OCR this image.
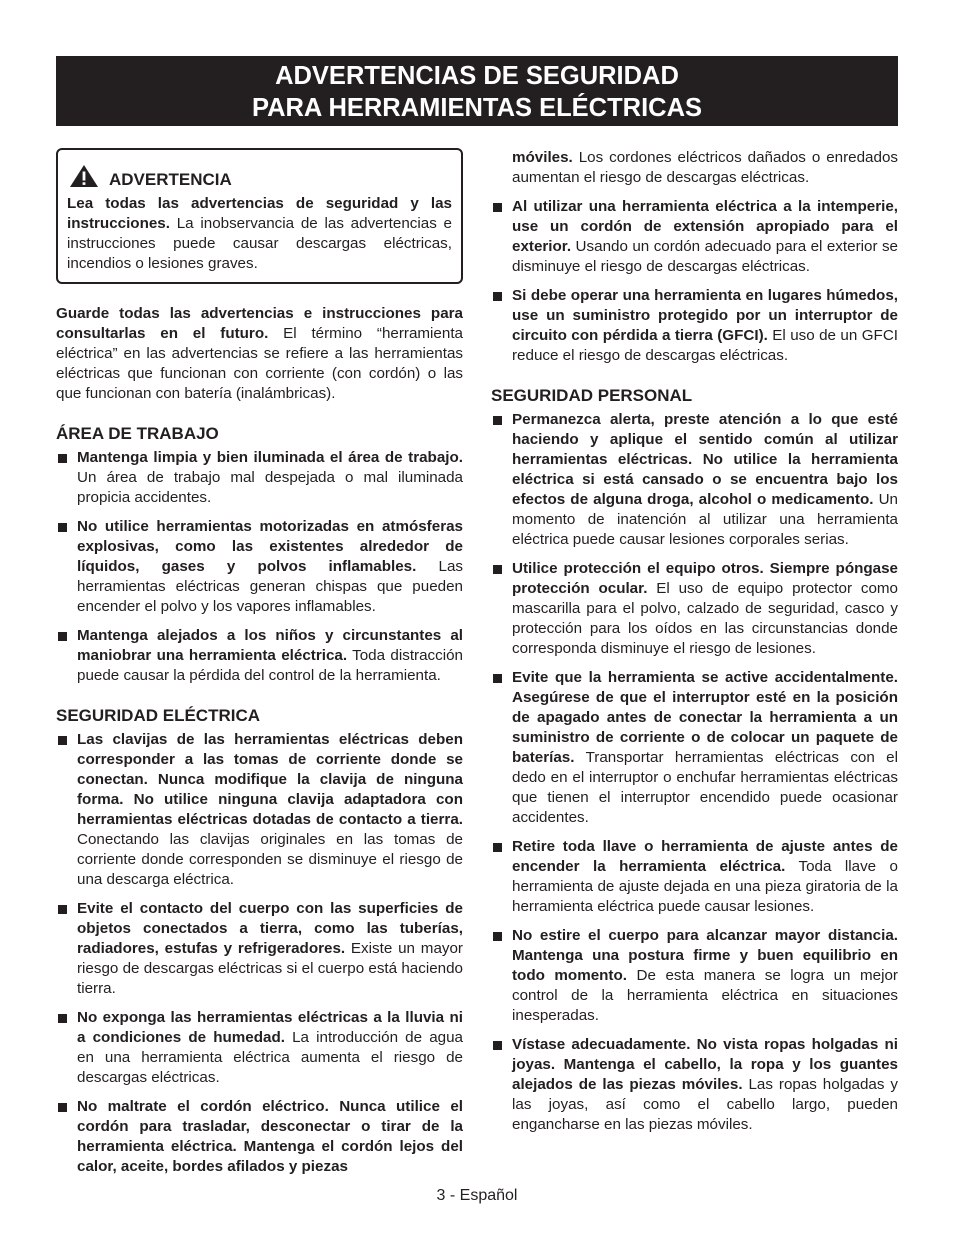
ADVERTENCIAS DE SEGURIDAD
PARA HERRAMIENTAS ELÉCTRICAS
ADVERTENCIA

Lea todas las advertencias de seguridad y las instrucciones. La inobservancia de las advertencias e instrucciones puede causar descargas eléctricas, incendios o lesiones graves.

Guarde todas las advertencias e instrucciones para consultarlas en el futuro. El término “herramienta eléctrica” en las advertencias se refiere a las herramientas eléctricas que funcionan con corriente (con cordón) o las que funcionan con batería (inalámbricas).

ÁREA DE TRABAJO
Mantenga limpia y bien iluminada el área de trabajo. Un área de trabajo mal despejada o mal iluminada propicia accidentes.
No utilice herramientas motorizadas en atmósferas explosivas, como las existentes alrededor de líquidos, gases y polvos inflamables. Las herramientas eléctricas generan chispas que pueden encender el polvo y los vapores inflamables.
Mantenga alejados a los niños y circunstantes al maniobrar una herramienta eléctrica. Toda distracción puede causar la pérdida del control de la herramienta.
SEGURIDAD ELÉCTRICA
Las clavijas de las herramientas eléctricas deben corresponder a las tomas de corriente donde se conectan. Nunca modifique la clavija de ninguna forma. No utilice ninguna clavija adaptadora con herramientas eléctricas dotadas de contacto a tierra. Conectando las clavijas originales en las tomas de corriente donde corresponden se disminuye el riesgo de una descarga eléctrica.
Evite el contacto del cuerpo con las superficies de objetos conectados a tierra, como las tuberías, radiadores, estufas y refrigeradores. Existe un mayor riesgo de descargas eléctricas si el cuerpo está haciendo tierra.
No exponga las herramientas eléctricas a la lluvia ni a condiciones de humedad. La introducción de agua en una herramienta eléctrica aumenta el riesgo de descargas eléctricas.
No maltrate el cordón eléctrico. Nunca utilice el cordón para trasladar, desconectar o tirar de la herramienta eléctrica. Mantenga el cordón lejos del calor, aceite, bordes afilados y piezas

móviles. Los cordones eléctricos dañados o enredados aumentan el riesgo de descargas eléctricas.

Al utilizar una herramienta eléctrica a la intemperie, use un cordón de extensión apropiado para el exterior. Usando un cordón adecuado para el exterior se disminuye el riesgo de descargas eléctricas.
Si debe operar una herramienta en lugares húmedos, use un suministro protegido por un interruptor de circuito con pérdida a tierra (GFCI). El uso de un GFCI reduce el riesgo de descargas eléctricas.
SEGURIDAD PERSONAL
Permanezca alerta, preste atención a lo que esté haciendo y aplique el sentido común al utilizar herramientas eléctricas. No utilice la herramienta eléctrica si está cansado o se encuentra bajo los efectos de alguna droga, alcohol o medicamento. Un momento de inatención al utilizar una herramienta eléctrica puede causar lesiones corporales serias.
Utilice protección el equipo otros. Siempre póngase protección ocular. El uso de equipo protector como mascarilla para el polvo, calzado de seguridad, casco y protección para los oídos en las circunstancias donde corresponda disminuye el riesgo de lesiones.
Evite que la herramienta se active accidentalmente. Asegúrese de que el interruptor esté en la posición de apagado antes de conectar la herramienta a un suministro de corriente o de colocar un paquete de baterías. Transportar herramientas eléctricas con el dedo en el interruptor o enchufar herramientas eléctricas que tienen el interruptor encendido puede ocasionar accidentes.
Retire toda llave o herramienta de ajuste antes de encender la herramienta eléctrica. Toda llave o herramienta de ajuste dejada en una pieza giratoria de la herramienta eléctrica puede causar lesiones.
No estire el cuerpo para alcanzar mayor distancia. Mantenga una postura firme y buen equilibrio en todo momento. De esta manera se logra un mejor control de la herramienta eléctrica en situaciones inesperadas.
Vístase adecuadamente. No vista ropas holgadas ni joyas. Mantenga el cabello, la ropa y los guantes alejados de las piezas móviles. Las ropas holgadas y las joyas, así como el cabello largo, pueden engancharse en las piezas móviles.
3 - Español
